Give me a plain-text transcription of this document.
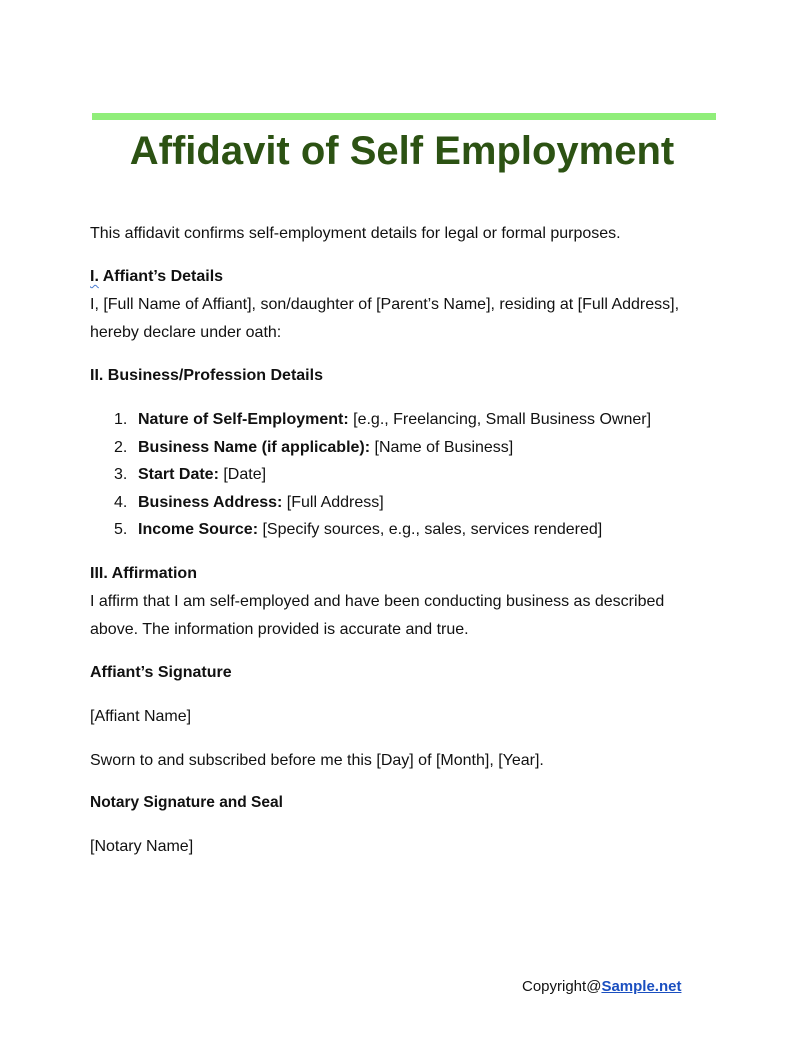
Affidavit of Self Employment

This affidavit confirms self-employment details for legal or formal purposes.

I. Affiant’s Details

I, [Full Name of Affiant], son/daughter of [Parent’s Name], residing at [Full Address], hereby declare under oath:

II. Business/Profession Details

1. Nature of Self-Employment: [e.g., Freelancing, Small Business Owner]
2. Business Name (if applicable): [Name of Business]
3. Start Date: [Date]
4. Business Address: [Full Address]
5. Income Source: [Specify sources, e.g., sales, services rendered]

III. Affirmation

I affirm that I am self-employed and have been conducting business as described above. The information provided is accurate and true.

Affiant’s Signature

[Affiant Name]

Sworn to and subscribed before me this [Day] of [Month], [Year].

Notary Signature and Seal

[Notary Name]

Copyright@Sample.net
